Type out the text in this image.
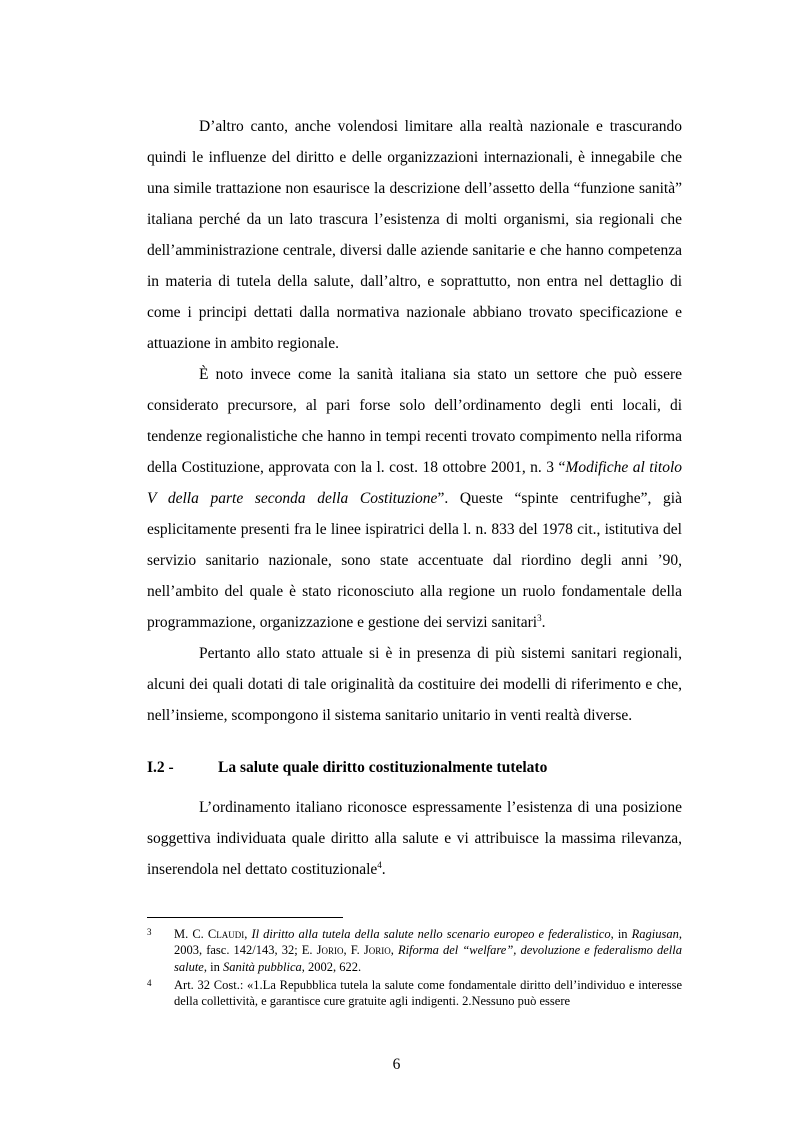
D’altro canto, anche volendosi limitare alla realtà nazionale e trascurando quindi le influenze del diritto e delle organizzazioni internazionali, è innegabile che una simile trattazione non esaurisce la descrizione dell’assetto della “funzione sanità” italiana perché da un lato trascura l’esistenza di molti organismi, sia regionali che dell’amministrazione centrale, diversi dalle aziende sanitarie e che hanno competenza in materia di tutela della salute, dall’altro, e soprattutto, non entra nel dettaglio di come i principi dettati dalla normativa nazionale abbiano trovato specificazione e attuazione in ambito regionale.

È noto invece come la sanità italiana sia stato un settore che può essere considerato precursore, al pari forse solo dell’ordinamento degli enti locali, di tendenze regionalistiche che hanno in tempi recenti trovato compimento nella riforma della Costituzione, approvata con la l. cost. 18 ottobre 2001, n. 3 “Modifiche al titolo V della parte seconda della Costituzione”. Queste “spinte centrifughe”, già esplicitamente presenti fra le linee ispiratrici della l. n. 833 del 1978 cit., istitutiva del servizio sanitario nazionale, sono state accentuate dal riordino degli anni ’90, nell’ambito del quale è stato riconosciuto alla regione un ruolo fondamentale della programmazione, organizzazione e gestione dei servizi sanitari$^3$.

Pertanto allo stato attuale si è in presenza di più sistemi sanitari regionali, alcuni dei quali dotati di tale originalità da costituire dei modelli di riferimento e che, nell’insieme, scompongono il sistema sanitario unitario in venti realtà diverse.

I.2 -	La salute quale diritto costituzionalmente tutelato

L’ordinamento italiano riconosce espressamente l’esistenza di una posizione soggettiva individuata quale diritto alla salute e vi attribuisce la massima rilevanza, inserendola nel dettato costituzionale$^4$.

3	M. C. Claudi, Il diritto alla tutela della salute nello scenario europeo e federalistico, in Ragiusan, 2003, fasc. 142/143, 32; E. Jorio, F. Jorio, Riforma del “welfare”, devoluzione e federalismo della salute, in Sanità pubblica, 2002, 622.
4	Art. 32 Cost.: «1.La Repubblica tutela la salute come fondamentale diritto dell’individuo e interesse della collettività, e garantisce cure gratuite agli indigenti. 2.Nessuno può essere
6
